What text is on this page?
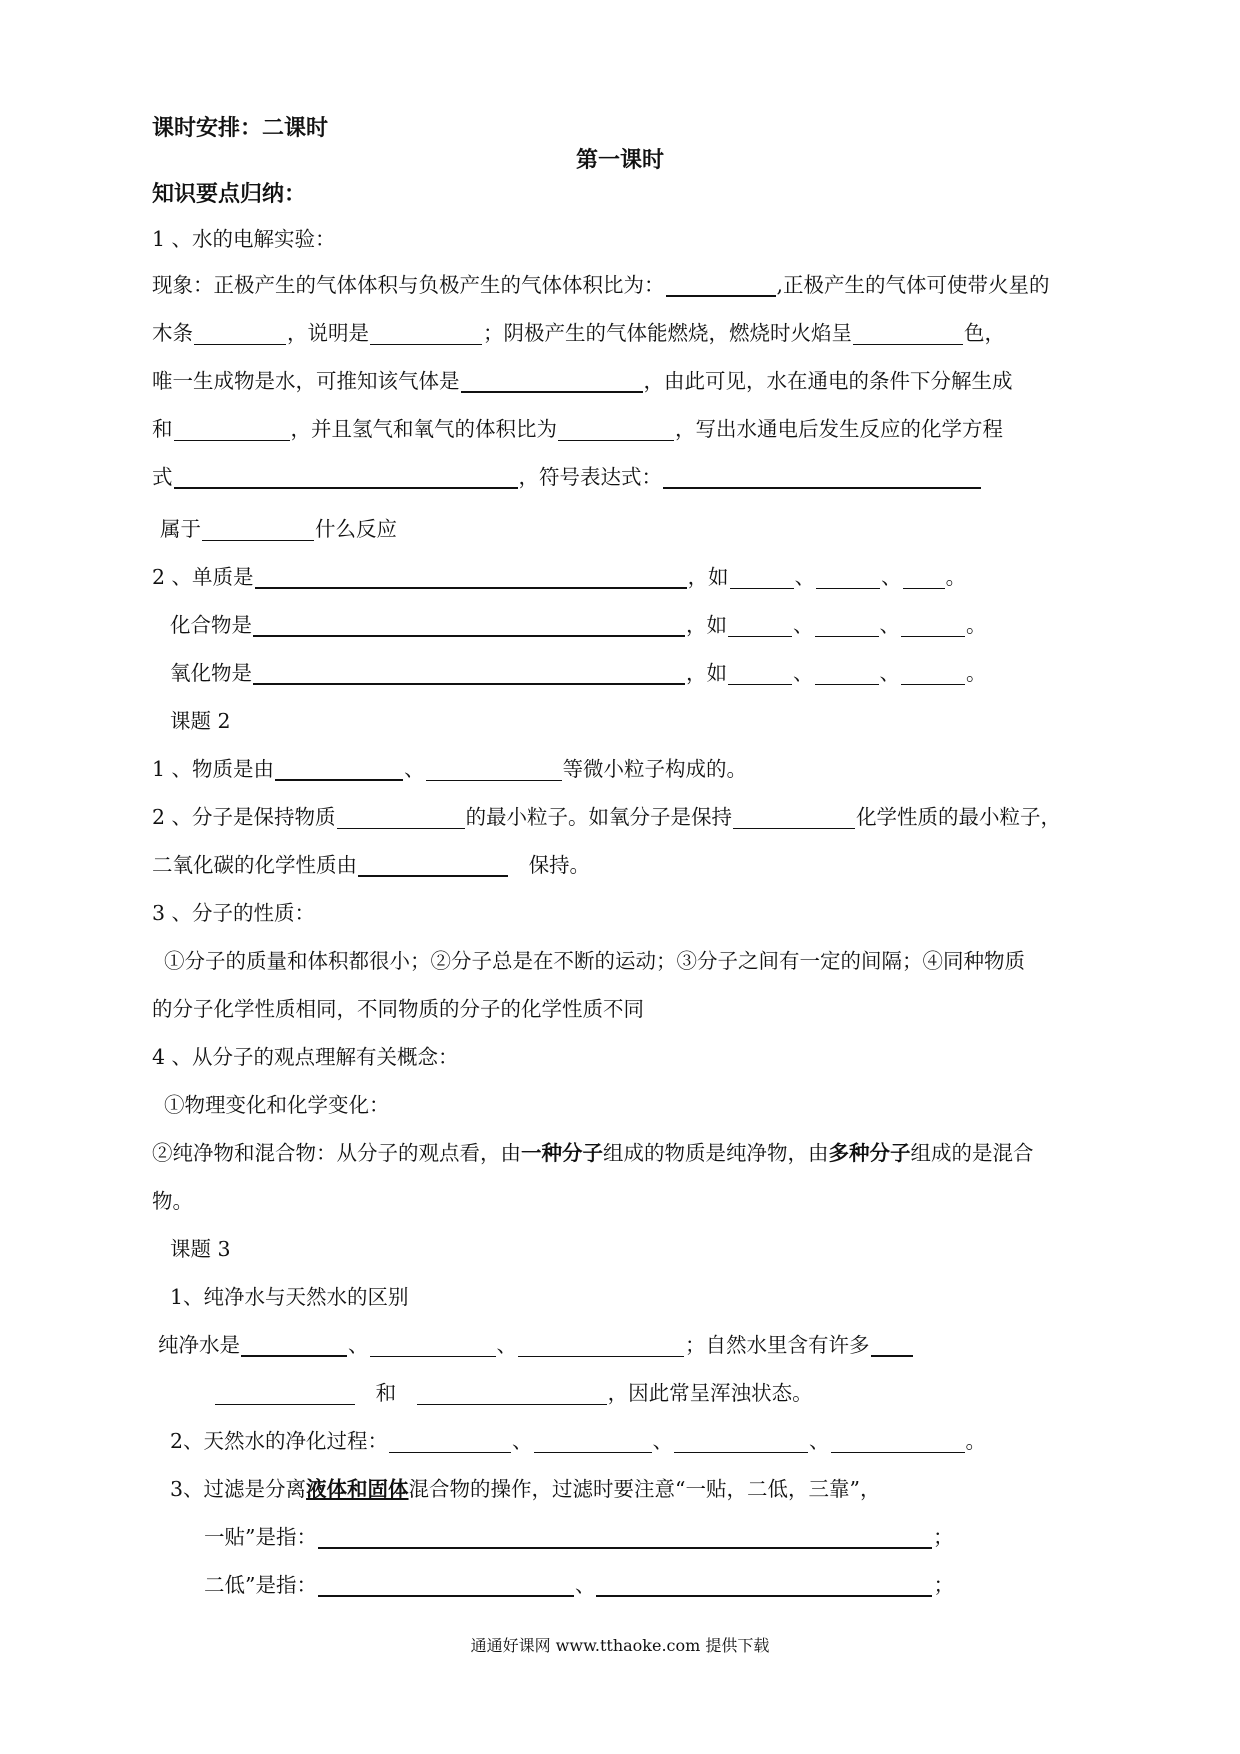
课时安排：二课时
第一课时
知识要点归纳：
1 、水的电解实验：
现象：正极产生的气体体积与负极产生的气体体积比为：	,正极产生的气体可使带火星的
木条	，说明是	；阴极产生的气体能燃烧，燃烧时火焰呈	色，
唯一生成物是水，可推知该气体是	，由此可见，水在通电的条件下分解生成
和	，并且氢气和氧气的体积比为	，写出水通电后发生反应的化学方程
式	，符号表达式：
属于	什么反应
2 、单质是	，如	、	、 。
化合物是	，如	、	、	。
氧化物是	，如	、	、	。
课题 2
1 、物质是由	、	等微小粒子构成的。
2 、分子是保持物质	的最小粒子。如氧分子是保持	化学性质的最小粒子，
二氧化碳的化学性质由	保持。
3 、分子的性质：
①分子的质量和体积都很小；②分子总是在不断的运动；③分子之间有一定的间隔；④同种物质
的分子化学性质相同，不同物质的分子的化学性质不同
4 、从分子的观点理解有关概念：
①物理变化和化学变化：
②纯净物和混合物：从分子的观点看，由一种分子组成的物质是纯净物，由多种分子组成的是混合
物。
课题 3
1、纯净水与天然水的区别
纯净水是	、	、	；自然水里含有许多
和	，因此常呈浑浊状态。
2、天然水的净化过程：	、	、	、	。
3、过滤是分离液体和固体混合物的操作，过滤时要注意“一贴，二低，三靠”，
一贴”是指：	；
二低”是指：	、	；
通通好课网 www.tthaoke.com 提供下载
